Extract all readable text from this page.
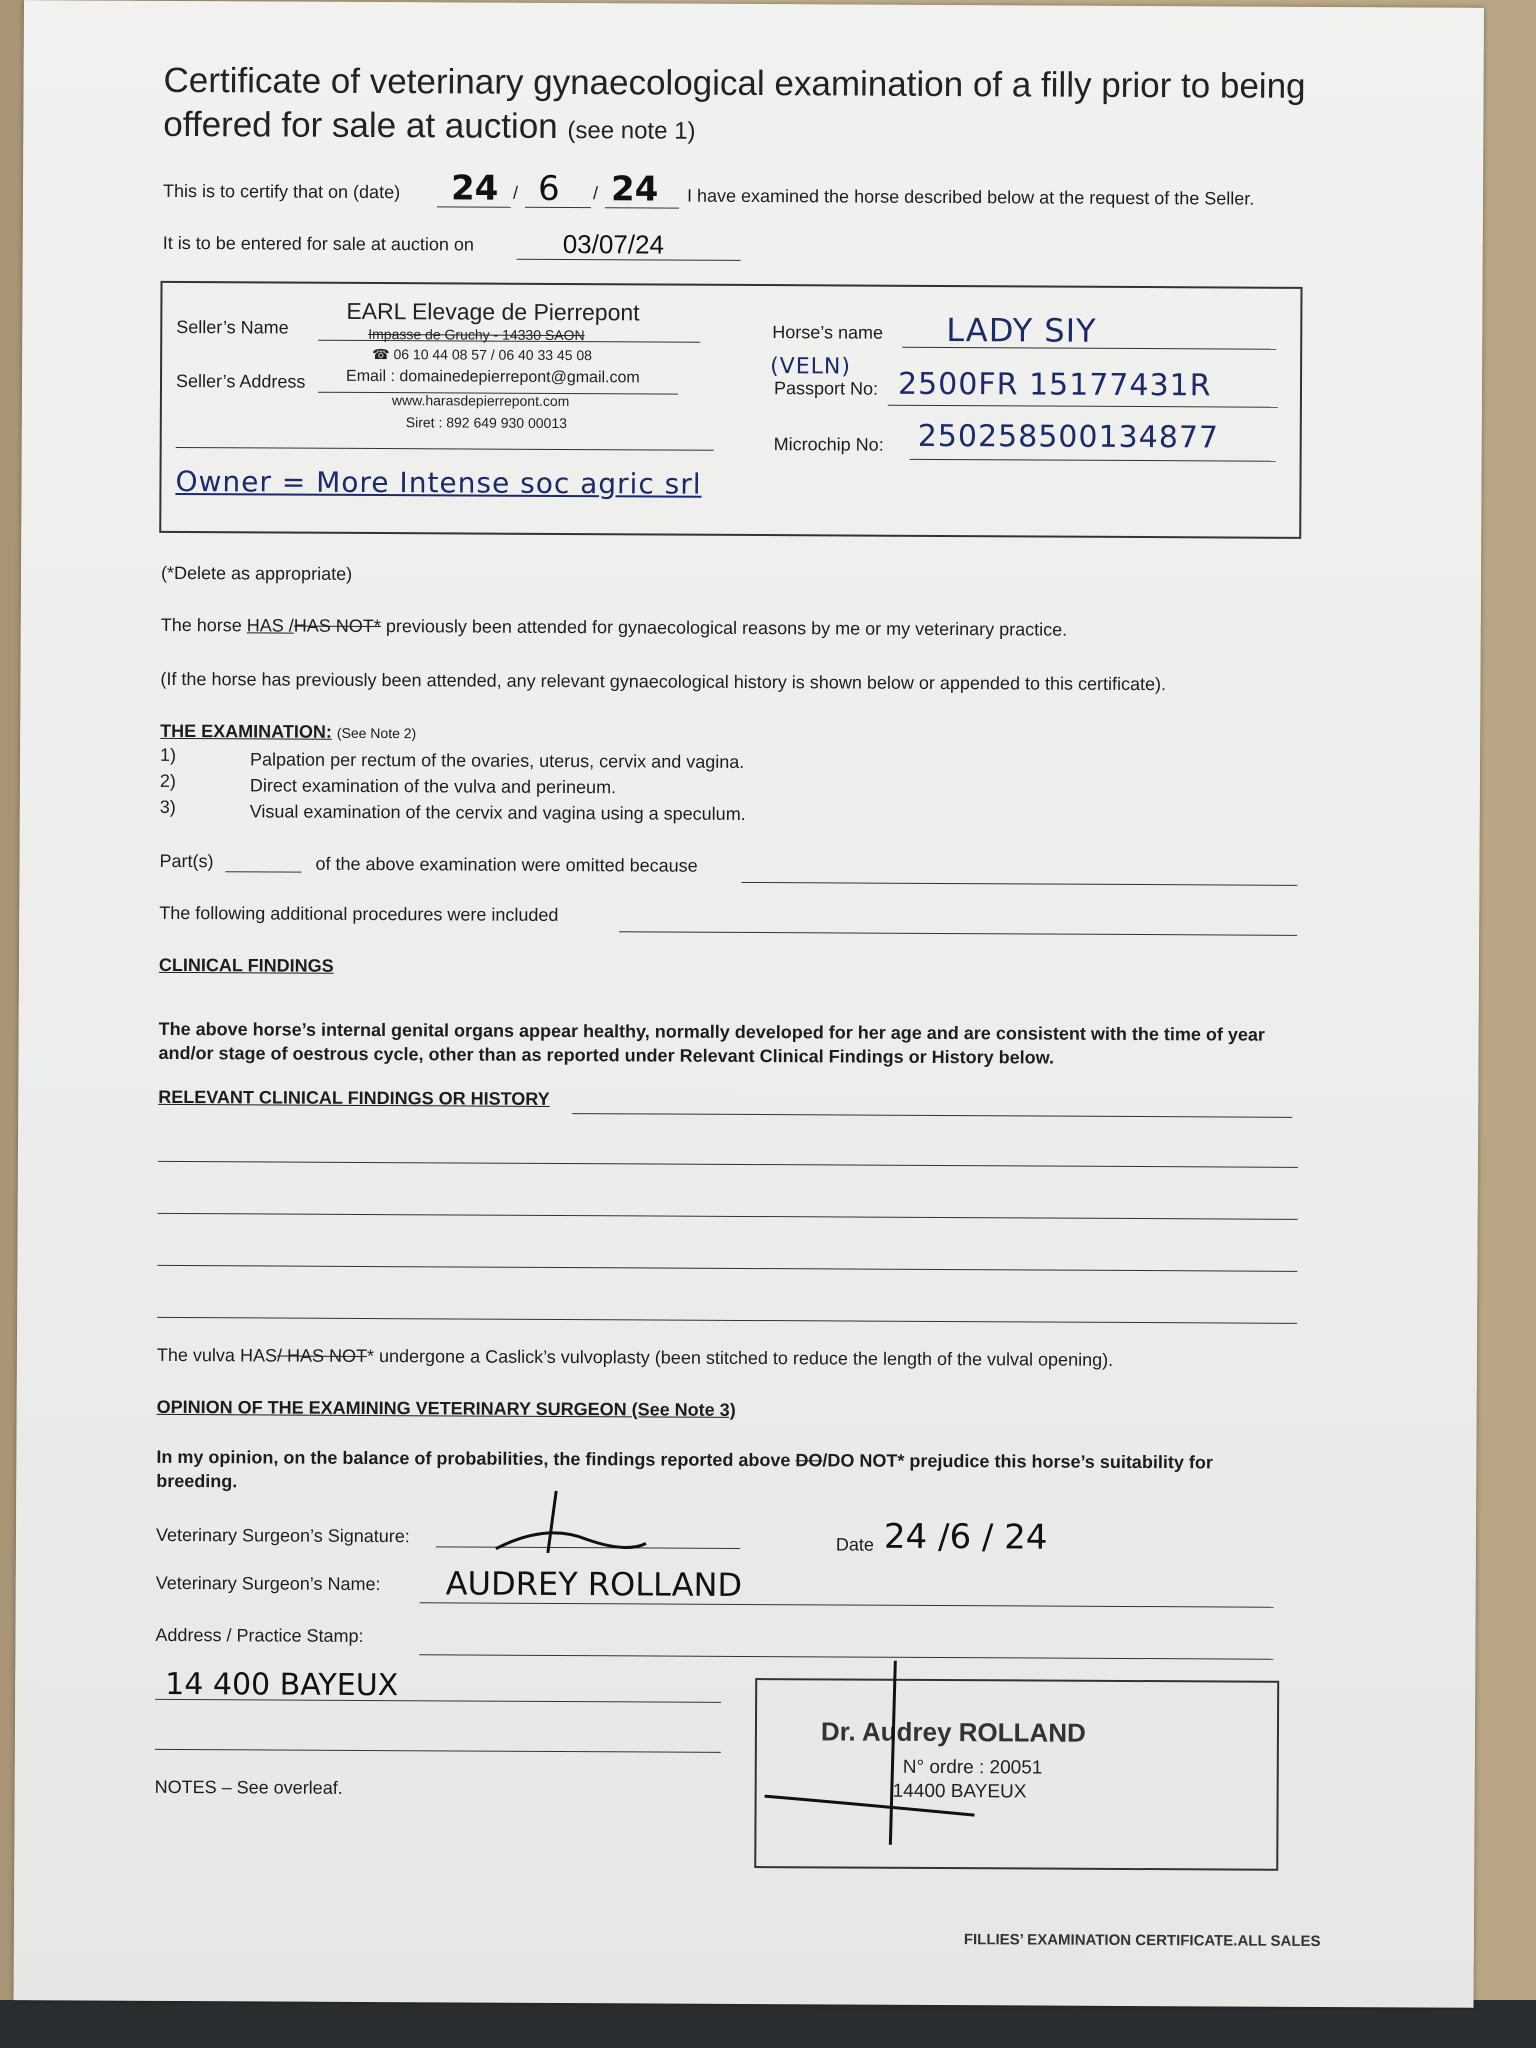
Certificate of veterinary gynaecological examination of a filly prior to being offered for sale at auction (see note 1)
This is to certify that on (date) 24 / 6 / 24 I have examined the horse described below at the request of the Seller.
It is to be entered for sale at auction on	03/07/24
Seller’s Name
EARL Elevage de Pierrepont
Impasse de Gruchy - 14330 SAON
☎ 06 10 44 08 57 / 06 40 33 45 08
Seller’s Address	Email : domainedepierrepont@gmail.com
www.harasdepierrepont.com
Siret : 892 649 930 00013
Owner = More Intense soc agric srl
Horse’s name LADY SIY
(VELN)
Passport No: 2500FR 15177431R
Microchip No: 250258500134877
(*Delete as appropriate)
The horse HAS /HAS NOT* previously been attended for gynaecological reasons by me or my veterinary practice.
(If the horse has previously been attended, any relevant gynaecological history is shown below or appended to this certificate).
THE EXAMINATION: (See Note 2)
1)	Palpation per rectum of the ovaries, uterus, cervix and vagina.
2)	Direct examination of the vulva and perineum.
3)	Visual examination of the cervix and vagina using a speculum.
Part(s)	of the above examination were omitted because
The following additional procedures were included
CLINICAL FINDINGS
The above horse’s internal genital organs appear healthy, normally developed for her age and are consistent with the time of year
and/or stage of oestrous cycle, other than as reported under Relevant Clinical Findings or History below.
RELEVANT CLINICAL FINDINGS OR HISTORY
The vulva HAS/ HAS NOT* undergone a Caslick’s vulvoplasty (been stitched to reduce the length of the vulval opening).
OPINION OF THE EXAMINING VETERINARY SURGEON (See Note 3)
In my opinion, on the balance of probabilities, the findings reported above DO/DO NOT* prejudice this horse’s suitability for
breeding.
Veterinary Surgeon’s Signature:	Date 24 /6 / 24
Veterinary Surgeon’s Name: AUDREY ROLLAND
Address / Practice Stamp:
14 400 BAYEUX
Dr. Audrey ROLLAND
N° ordre : 20051
14400 BAYEUX
NOTES – See overleaf.
FILLIES’ EXAMINATION CERTIFICATE.ALL SALES
